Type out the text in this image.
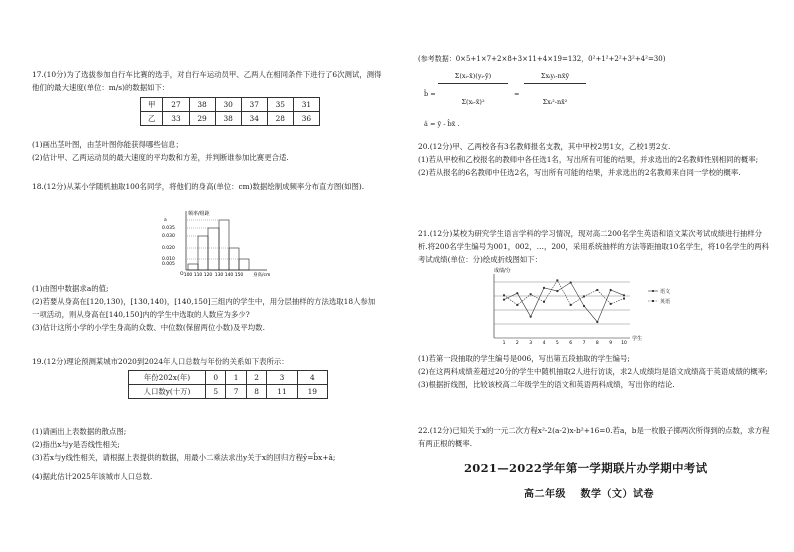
17.(10分)为了选拔参加自行车比赛的选手，对自行车运动员甲、乙两人在相同条件下进行了6次测试，测得他们的最大速度(单位：m/s)的数据如下：

甲	27	38	30	37	35	31
乙	33	29	38	34	28	36

(1)画出茎叶图，由茎叶图你能获得哪些信息；

(2)估计甲、乙两运动员的最大速度的平均数和方差，并判断谁参加比赛更合适.

18.(12分)从某小学随机抽取100名同学，将他们的身高(单位：cm)数据绘制成频率分布直方图(如图).

频率/组距
a
0.035
0.030
0.020
0.010
0.005
O 100 110 120 130 140 150 身高/cm

(1)由图中数据求a的值;

(2)若要从身高在[120,130)，[130,140)，[140,150]三组内的学生中，用分层抽样的方法选取18人参加一项活动，则从身高在[140,150]内的学生中选取的人数应为多少?

(3)估计这所小学的小学生身高的众数、中位数(保留两位小数)及平均数.

19.(12分)理论预测某城市2020到2024年人口总数与年份的关系如下表所示：

年份202x(年)	0	1	2	3	4
人口数y(十万)	5	7	8	11	19

(1)请画出上表数据的散点图;

(2)指出x与y是否线性相关;

(3)若x与y线性相关，请根据上表提供的数据，用最小二乘法求出y关于x的回归方程ŷ=b̂x+â;

(4)据此估计2025年该城市人口总数.

(参考数据：0×5+1×7+2×8+3×11+4×19=132，0²+1²+2²+3²+4²=30)
b̂ =
Σ(xᵢ-x̄)(yᵢ-ȳ)
Σ(xᵢ-x̄)²
=
Σxᵢyᵢ-nx̄ȳ
Σxᵢ²-nx̄²
â = ȳ - b̂x̄ .

20.(12分)甲、乙两校各有3名教师报名支教，其中甲校2男1女，乙校1男2女.

(1)若从甲校和乙校报名的教师中各任选1名，写出所有可能的结果，并求选出的2名教师性别相同的概率;

(2)若从报名的6名教师中任选2名，写出所有可能的结果，并求选出的2名教师来自同一学校的概率.

21.(12分)某校为研究学生语言学科的学习情况，现对高二200名学生英语和语文某次考试成绩进行抽样分析.将200名学生编号为001，002，…，200，采用系统抽样的方法等距抽取10名学生，将10名学生的两科考试成绩(单位：分)绘成折线图如下：

成绩/分
1 2 3 4 5 6 7 8 9 10
学生
语文
英语

(1)若第一段抽取的学生编号是006，写出第五段抽取的学生编号;

(2)在这两科成绩差超过20分的学生中随机抽取2人进行访谈，求2人成绩均是语文成绩高于英语成绩的概率;

(3)根据折线图，比较该校高二年级学生的语文和英语两科成绩，写出你的结论.

22.(12分)已知关于x的一元二次方程x²-2(a-2)x-b²+16=0.若a，b是一枚骰子掷两次所得到的点数，求方程有两正根的概率.

2021—2022学年第一学期联片办学期中考试
高二年级　 数学（文）试卷
